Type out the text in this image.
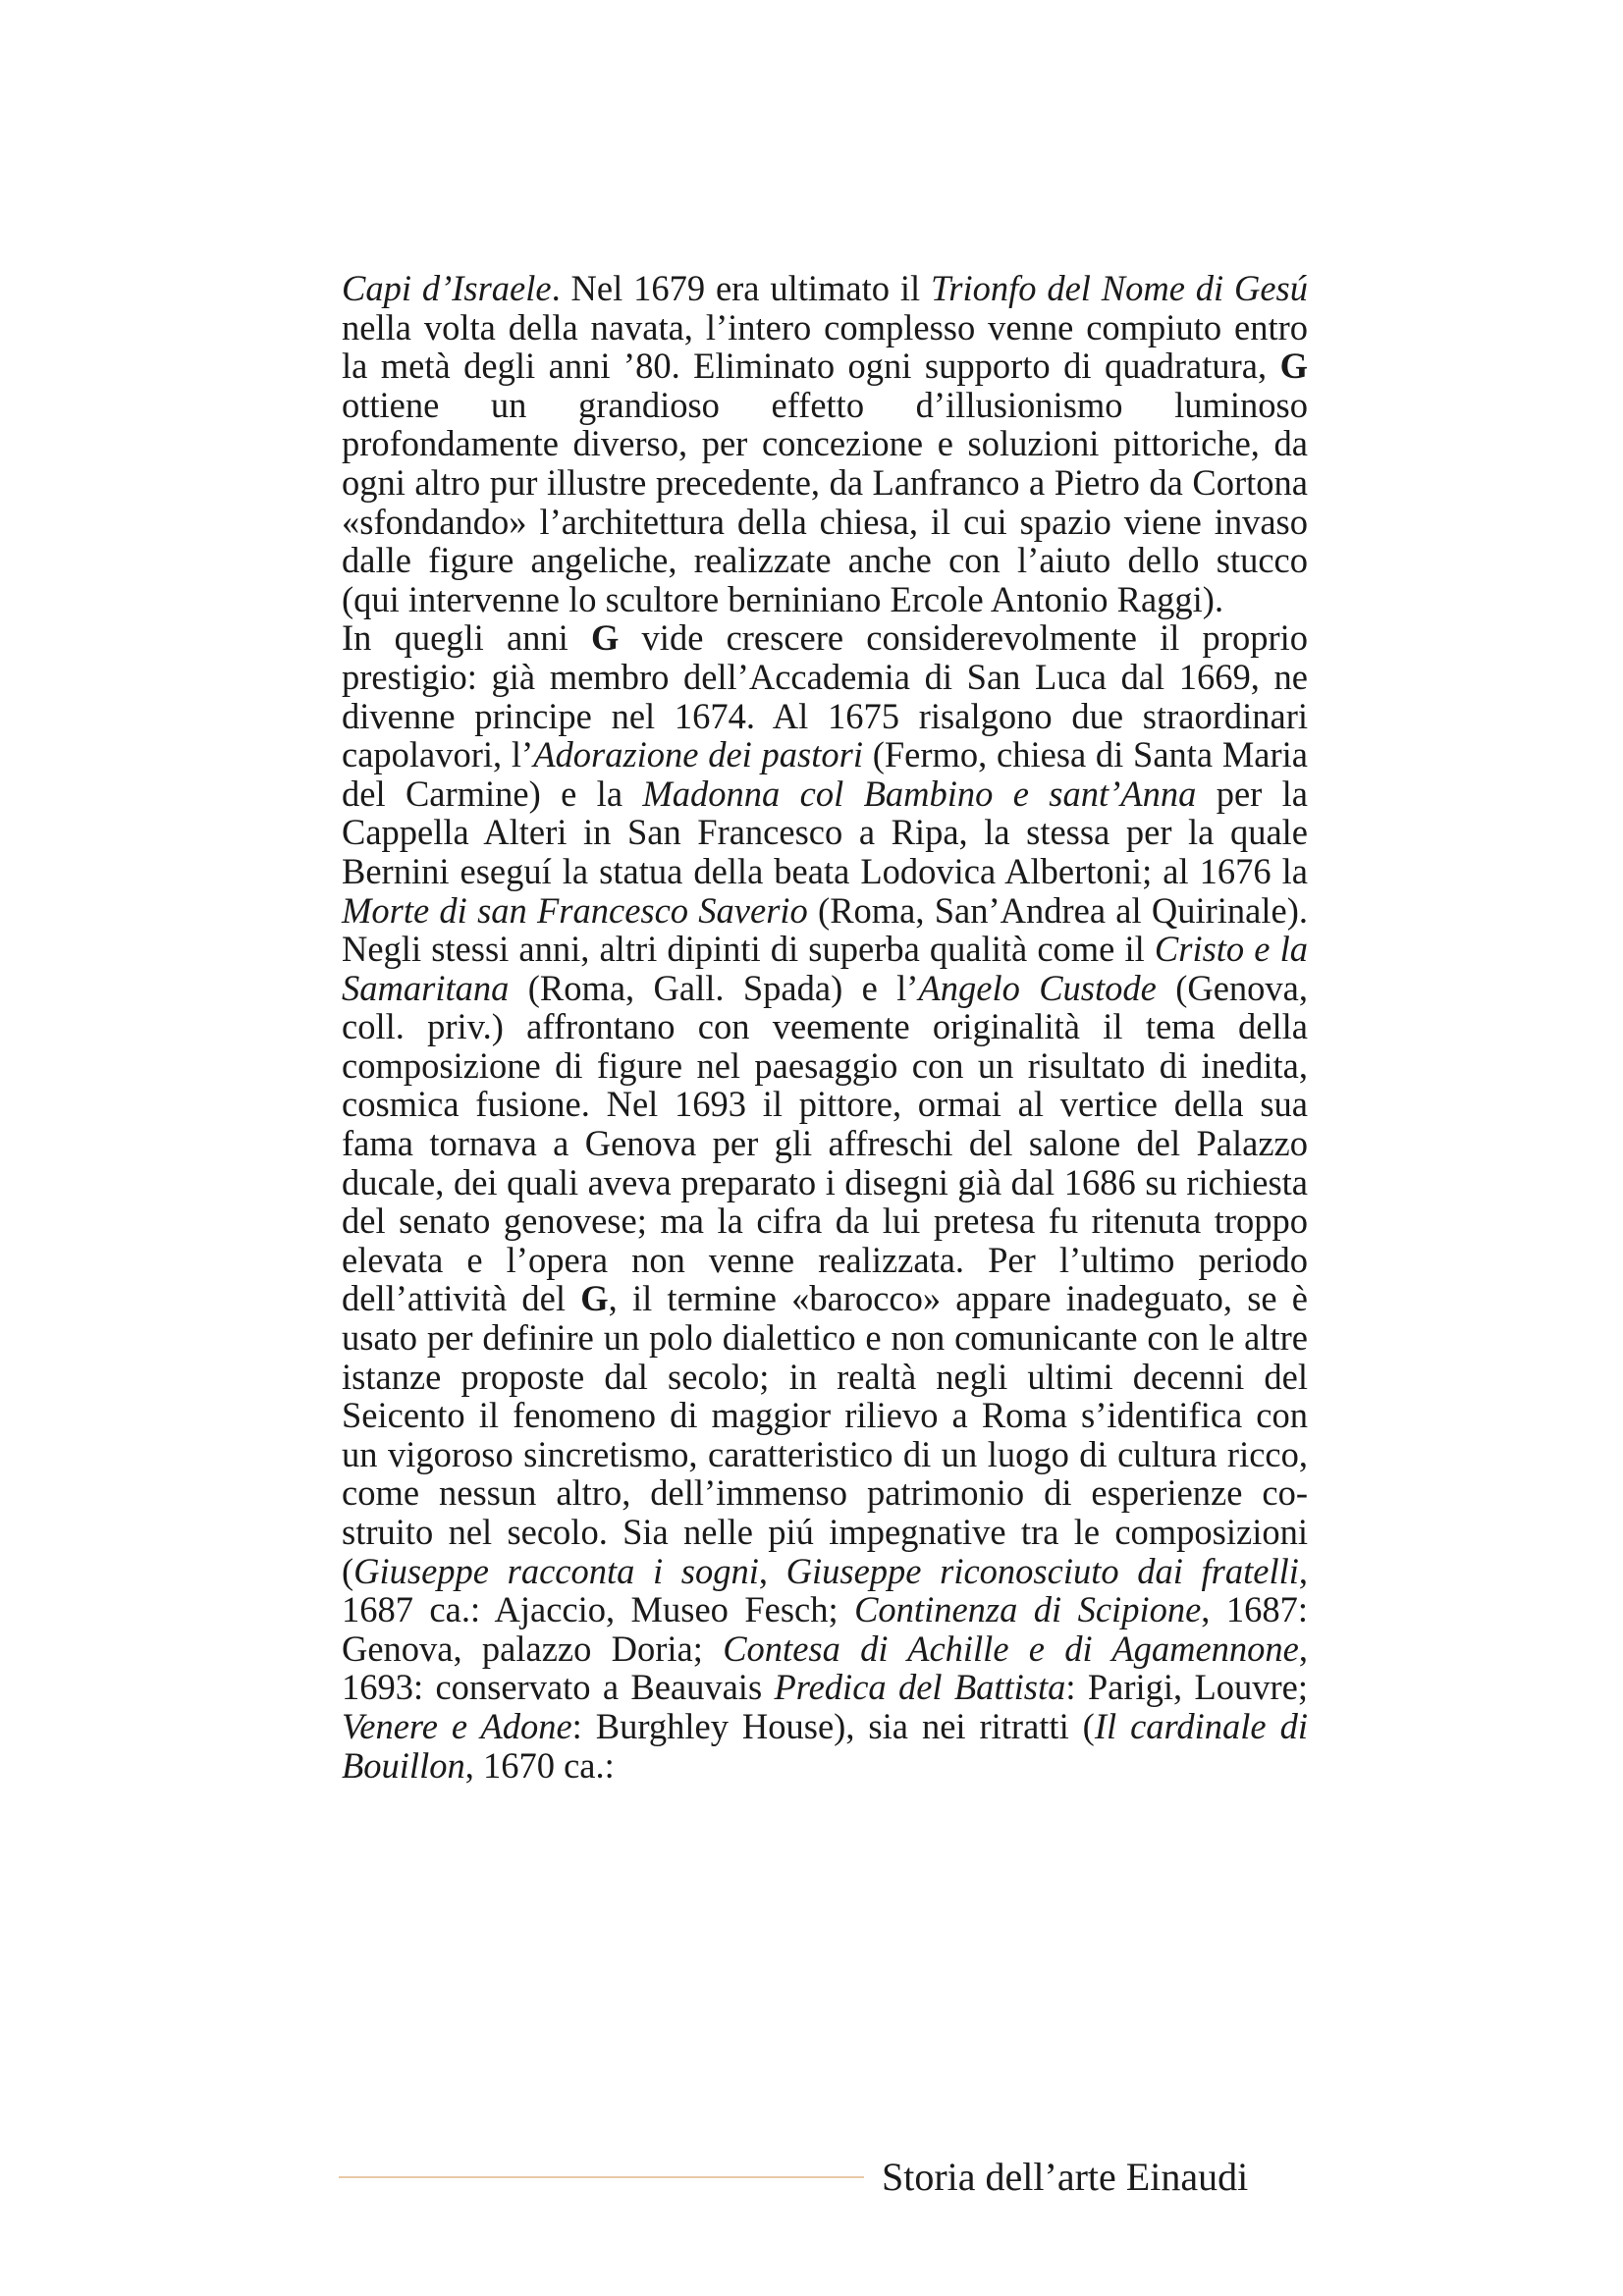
Capi d’Israele. Nel 1679 era ultimato il Trionfo del Nome di Gesú nella volta della navata, l’intero complesso venne compiuto entro la metà degli anni ’80. Eliminato ogni supporto di quadratura, G ottiene un grandioso effetto d’illusionismo luminoso profondamente diverso, per concezione e soluzioni pittoriche, da ogni altro pur illustre precedente, da Lanfranco a Pietro da Cortona «sfondando» l’architettura della chiesa, il cui spazio viene invaso dalle figure angeliche, realizzate anche con l’aiuto dello stucco (qui intervenne lo scultore berniniano Ercole Antonio Raggi).

In quegli anni G vide crescere considerevolmente il proprio prestigio: già membro dell’Accademia di San Luca dal 1669, ne divenne principe nel 1674. Al 1675 risalgono due straordinari capolavori, l’Adorazione dei pastori (Fermo, chiesa di Santa Maria del Carmine) e la Madonna col Bambino e sant’Anna per la Cappella Alteri in San Francesco a Ripa, la stessa per la quale Bernini eseguí la statua della beata Lodovica Albertoni; al 1676 la Morte di san Francesco Saverio (Roma, San’Andrea al Quirinale). Negli stessi anni, altri dipinti di superba qualità come il Cristo e la Samaritana (Roma, Gall. Spada) e l’Angelo Custode (Genova, coll. priv.) affrontano con veemente originalità il tema della composizione di figure nel paesaggio con un risultato di inedita, cosmica fusione. Nel 1693 il pittore, ormai al vertice della sua fama tornava a Genova per gli affreschi del salone del Palazzo ducale, dei quali aveva preparato i disegni già dal 1686 su richiesta del senato genovese; ma la cifra da lui pretesa fu ritenuta troppo elevata e l’opera non venne realizzata. Per l’ultimo periodo dell’attività del G, il termine «barocco» appare inadeguato, se è usato per definire un polo dialettico e non comunicante con le altre istanze proposte dal secolo; in realtà negli ultimi decenni del Seicento il fenomeno di maggior rilievo a Roma s’identifica con un vigoroso sincretismo, caratteristico di un luogo di cultura ricco, come nessun altro, dell’immenso patrimonio di esperienze costruito nel secolo. Sia nelle piú impegnative tra le composizioni (Giuseppe racconta i sogni, Giuseppe riconosciuto dai fratelli, 1687 ca.: Ajaccio, Museo Fesch; Continenza di Scipione, 1687: Genova, palazzo Doria; Contesa di Achille e di Agamennone, 1693: conservato a Beauvais Predica del Battista: Parigi, Louvre; Venere e Adone: Burghley House), sia nei ritratti (Il cardinale di Bouillon, 1670 ca.:

Storia dell’arte Einaudi
